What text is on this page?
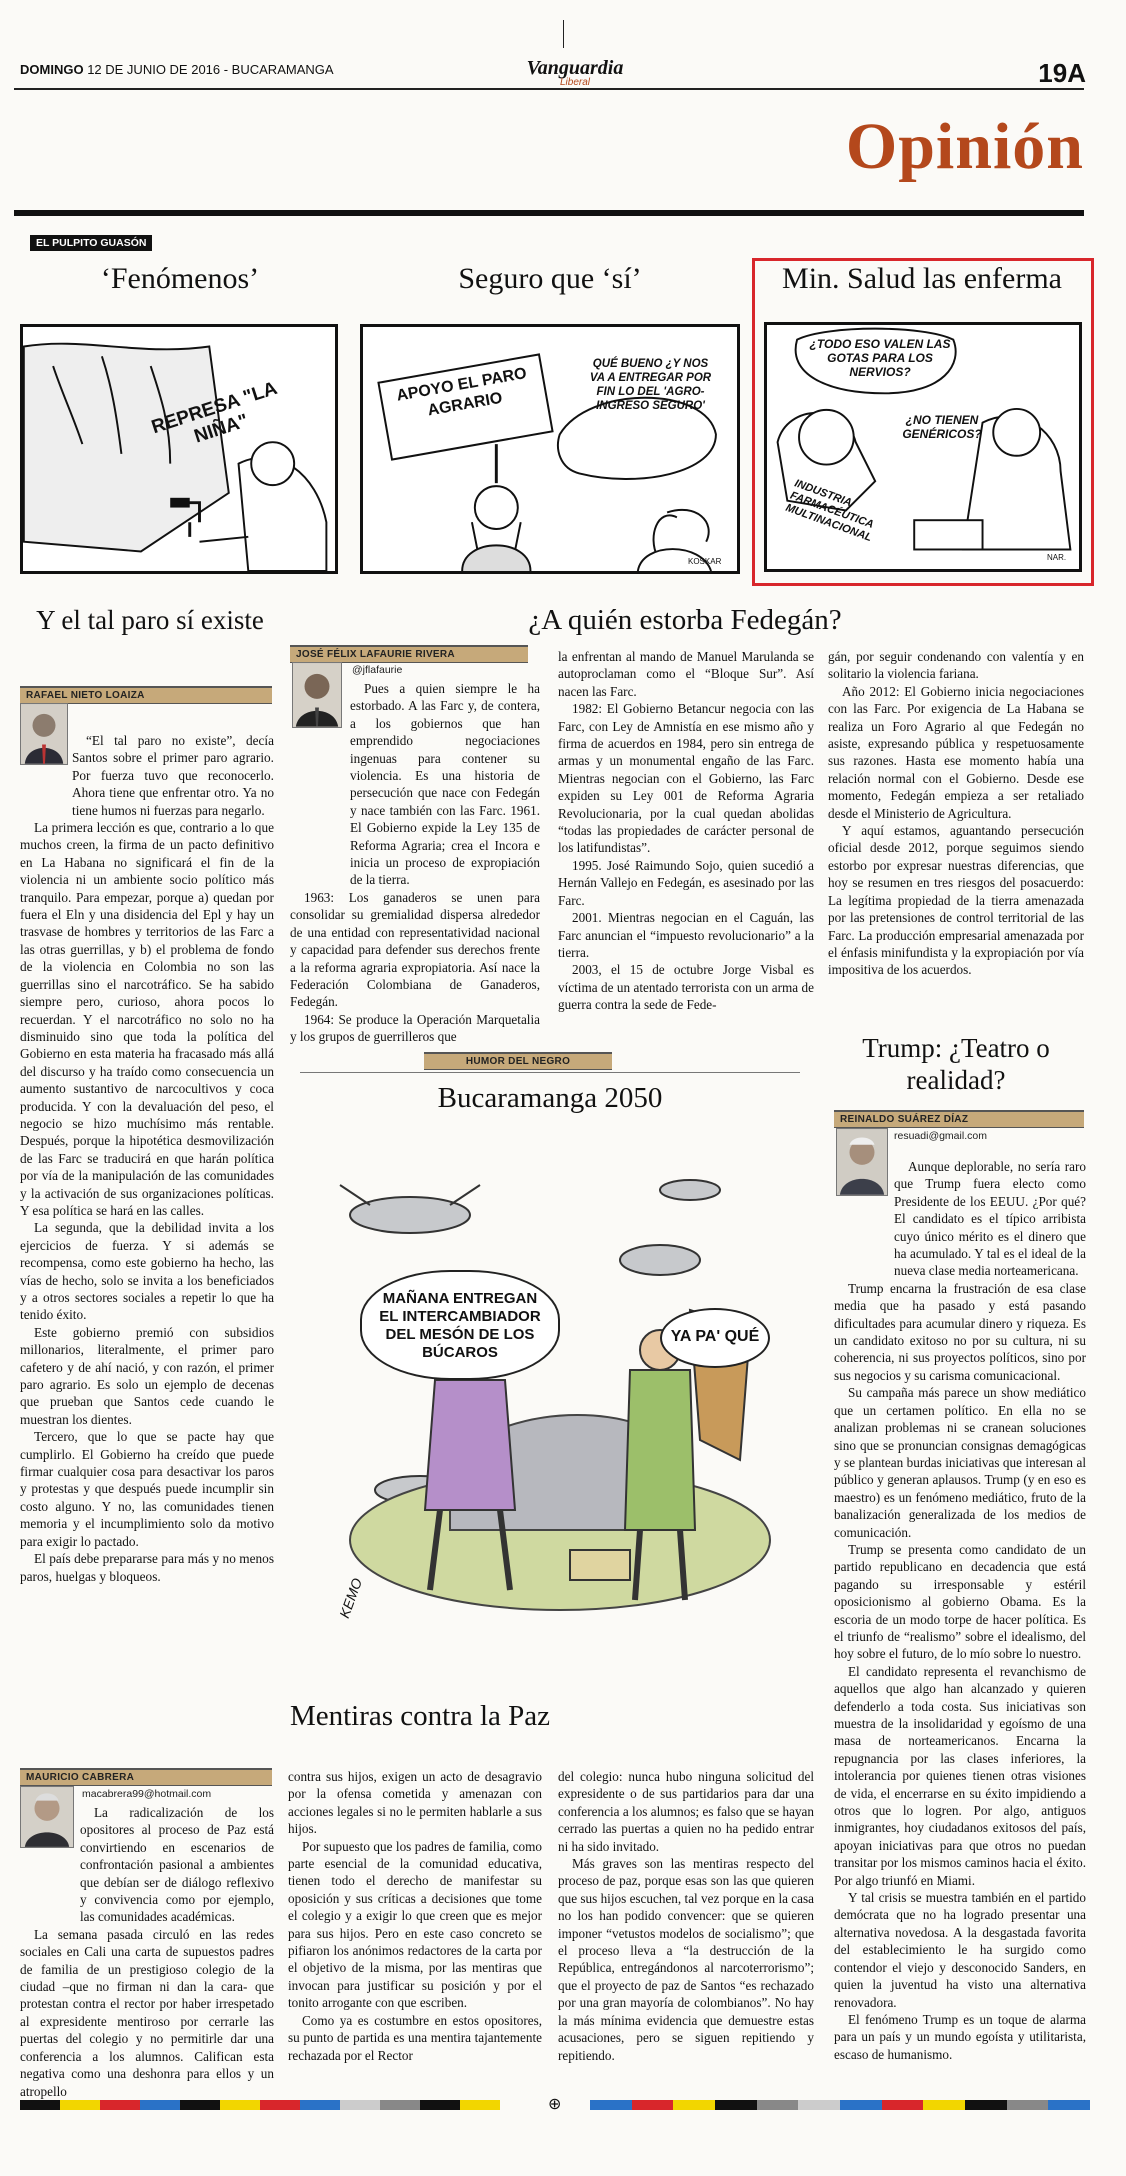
DOMINGO 12 DE JUNIO DE 2016 - BUCARAMANGA	Vanguardia
Liberal	19A
Opinión
EL PULPITO GUASÓN
‘Fenómenos’	Seguro que ‘sí’	Min. Salud las enferma
REPRESA "LA NIÑA"
APOYO EL PARO AGRARIO
QUÉ BUENO ¿Y NOS VA A ENTREGAR POR FIN LO DEL 'AGRO-INGRESO SEGURO'
KOSKAR
¿TODO ESO VALEN LAS GOTAS PARA LOS NERVIOS?
¿NO TIENEN GENÉRICOS?
INDUSTRIA FARMACÉUTICA MULTINACIONAL
NAR.
Y el tal paro sí existe
RAFAEL NIETO LOAIZA

“El tal paro no existe”, decía Santos sobre el primer paro agrario. Por fuerza tuvo que reconocerlo. Ahora tiene que enfrentar otro. Ya no tiene humos ni fuerzas para negarlo.

La primera lección es que, contrario a lo que muchos creen, la firma de un pacto definitivo en La Habana no significará el fin de la violencia ni un ambiente socio político más tranquilo. Para empezar, porque a) quedan por fuera el Eln y una disidencia del Epl y hay un trasvase de hombres y territorios de las Farc a las otras guerrillas, y b) el problema de fondo de la violencia en Colombia no son las guerrillas sino el narcotráfico. Se ha sabido siempre pero, curioso, ahora pocos lo recuerdan. Y el narcotráfico no solo no ha disminuido sino que toda la política del Gobierno en esta materia ha fracasado más allá del discurso y ha traído como consecuencia un aumento sustantivo de narcocultivos y coca producida. Y con la devaluación del peso, el negocio se hizo muchísimo más rentable. Después, porque la hipotética desmovilización de las Farc se traducirá en que harán política por vía de la manipulación de las comunidades y la activación de sus organizaciones políticas. Y esa política se hará en las calles.

La segunda, que la debilidad invita a los ejercicios de fuerza. Y si además se recompensa, como este gobierno ha hecho, las vías de hecho, solo se invita a los beneficiados y a otros sectores sociales a repetir lo que ha tenido éxito.

Este gobierno premió con subsidios millonarios, literalmente, el primer paro cafetero y de ahí nació, y con razón, el primer paro agrario. Es solo un ejemplo de decenas que prueban que Santos cede cuando le muestran los dientes.

Tercero, que lo que se pacte hay que cumplirlo. El Gobierno ha creído que puede firmar cualquier cosa para desactivar los paros y protestas y que después puede incumplir sin costo alguno. Y no, las comunidades tienen memoria y el incumplimiento solo da motivo para exigir lo pactado.

El país debe prepararse para más y no menos paros, huelgas y bloqueos.

¿A quién estorba Fedegán?
JOSÉ FÉLIX LAFAURIE RIVERA
@jflafaurie

Pues a quien siempre le ha estorbado. A las Farc y, de contera, a los gobiernos que han emprendido negociaciones ingenuas para contener su violencia. Es una historia de persecución que nace con Fedegán y nace también con las Farc. 1961. El Gobierno expide la Ley 135 de Reforma Agraria; crea el Incora e inicia un proceso de expropiación de la tierra.

1963: Los ganaderos se unen para consolidar su gremialidad dispersa alrededor de una entidad con representatividad nacional y capacidad para defender sus derechos frente a la reforma agraria expropiatoria. Así nace la Federación Colombiana de Ganaderos, Fedegán.

1964: Se produce la Operación Marquetalia y los grupos de guerrilleros que

la enfrentan al mando de Manuel Marulanda se autoproclaman como el “Bloque Sur”. Así nacen las Farc.

1982: El Gobierno Betancur negocia con las Farc, con Ley de Amnistía en ese mismo año y firma de acuerdos en 1984, pero sin entrega de armas y un monumental engaño de las Farc. Mientras negocian con el Gobierno, las Farc expiden su Ley 001 de Reforma Agraria Revolucionaria, por la cual quedan abolidas “todas las propiedades de carácter personal de los latifundistas”.

1995. José Raimundo Sojo, quien sucedió a Hernán Vallejo en Fedegán, es asesinado por las Farc.

2001. Mientras negocian en el Caguán, las Farc anuncian el “impuesto revolucionario” a la tierra.

2003, el 15 de octubre Jorge Visbal es víctima de un atentado terrorista con un arma de guerra contra la sede de Fede-

gán, por seguir condenando con valentía y en solitario la violencia fariana.

Año 2012: El Gobierno inicia negociaciones con las Farc. Por exigencia de La Habana se realiza un Foro Agrario al que Fedegán no asiste, expresando pública y respetuosamente sus razones. Hasta ese momento había una relación normal con el Gobierno. Desde ese momento, Fedegán empieza a ser retaliado desde el Ministerio de Agricultura.

Y aquí estamos, aguantando persecución oficial desde 2012, porque seguimos siendo estorbo por expresar nuestras diferencias, que hoy se resumen en tres riesgos del posacuerdo: La legítima propiedad de la tierra amenazada por las pretensiones de control territorial de las Farc. La producción empresarial amenazada por el énfasis minifundista y la expropiación por vía impositiva de los acuerdos.

HUMOR DEL NEGRO
Bucaramanga 2050
MAÑANA ENTREGAN EL INTERCAMBIADOR DEL MESÓN DE LOS BÚCAROS
YA PA' QUÉ
KEMO
Trump: ¿Teatro o realidad?
REINALDO SUÁREZ DÍAZ
resuadi@gmail.com

Aunque deplorable, no sería raro que Trump fuera electo como Presidente de los EEUU. ¿Por qué? El candidato es el típico arribista cuyo único mérito es el dinero que ha acumulado. Y tal es el ideal de la nueva clase media norteamericana.

Trump encarna la frustración de esa clase media que ha pasado y está pasando dificultades para acumular dinero y riqueza. Es un candidato exitoso no por su cultura, ni su coherencia, ni sus proyectos políticos, sino por sus negocios y su carisma comunicacional.

Su campaña más parece un show mediático que un certamen político. En ella no se analizan problemas ni se cranean soluciones sino que se pronuncian consignas demagógicas y se plantean burdas iniciativas que interesan al público y generan aplausos. Trump (y en eso es maestro) es un fenómeno mediático, fruto de la banalización generalizada de los medios de comunicación.

Trump se presenta como candidato de un partido republicano en decadencia que está pagando su irresponsable y estéril oposicionismo al gobierno Obama. Es la escoria de un modo torpe de hacer política. Es el triunfo de “realismo” sobre el idealismo, del hoy sobre el futuro, de lo mío sobre lo nuestro.

El candidato representa el revanchismo de aquellos que algo han alcanzado y quieren defenderlo a toda costa. Sus iniciativas son muestra de la insolidaridad y egoísmo de una masa de norteamericanos. Encarna la repugnancia por las clases inferiores, la intolerancia por quienes tienen otras visiones de vida, el encerrarse en su éxito impidiendo a otros que lo logren. Por algo, antiguos inmigrantes, hoy ciudadanos exitosos del país, apoyan iniciativas para que otros no puedan transitar por los mismos caminos hacia el éxito. Por algo triunfó en Miami.

Y tal crisis se muestra también en el partido demócrata que no ha logrado presentar una alternativa novedosa. A la desgastada favorita del establecimiento le ha surgido como contendor el viejo y desconocido Sanders, en quien la juventud ha visto una alternativa renovadora.

El fenómeno Trump es un toque de alarma para un país y un mundo egoísta y utilitarista, escaso de humanismo.

Mentiras contra la Paz
MAURICIO CABRERA
macabrera99@hotmail.com

La radicalización de los opositores al proceso de Paz está convirtiendo en escenarios de confrontación pasional a ambientes que debían ser de diálogo reflexivo y convivencia como por ejemplo, las comunidades académicas.

La semana pasada circuló en las redes sociales en Cali una carta de supuestos padres de familia de un prestigioso colegio de la ciudad –que no firman ni dan la cara- que protestan contra el rector por haber irrespetado al expresidente mentiroso por cerrarle las puertas del colegio y no permitirle dar una conferencia a los alumnos. Califican esta negativa como una deshonra para ellos y un atropello

contra sus hijos, exigen un acto de desagravio por la ofensa cometida y amenazan con acciones legales si no le permiten hablarle a sus hijos.

Por supuesto que los padres de familia, como parte esencial de la comunidad educativa, tienen todo el derecho de manifestar su oposición y sus críticas a decisiones que tome el colegio y a exigir lo que creen que es mejor para sus hijos. Pero en este caso concreto se pifiaron los anónimos redactores de la carta por el objetivo de la misma, por las mentiras que invocan para justificar su posición y por el tonito arrogante con que escriben.

Como ya es costumbre en estos opositores, su punto de partida es una mentira tajantemente rechazada por el Rector

del colegio: nunca hubo ninguna solicitud del expresidente o de sus partidarios para dar una conferencia a los alumnos; es falso que se hayan cerrado las puertas a quien no ha pedido entrar ni ha sido invitado.

Más graves son las mentiras respecto del proceso de paz, porque esas son las que quieren que sus hijos escuchen, tal vez porque en la casa no los han podido convencer: que se quieren imponer “vetustos modelos de socialismo”; que el proceso lleva a “la destrucción de la República, entregándonos al narcoterrorismo”; que el proyecto de paz de Santos “es rechazado por una gran mayoría de colombianos”. No hay la más mínima evidencia que demuestre estas acusaciones, pero se siguen repitiendo y repitiendo.

⊕
